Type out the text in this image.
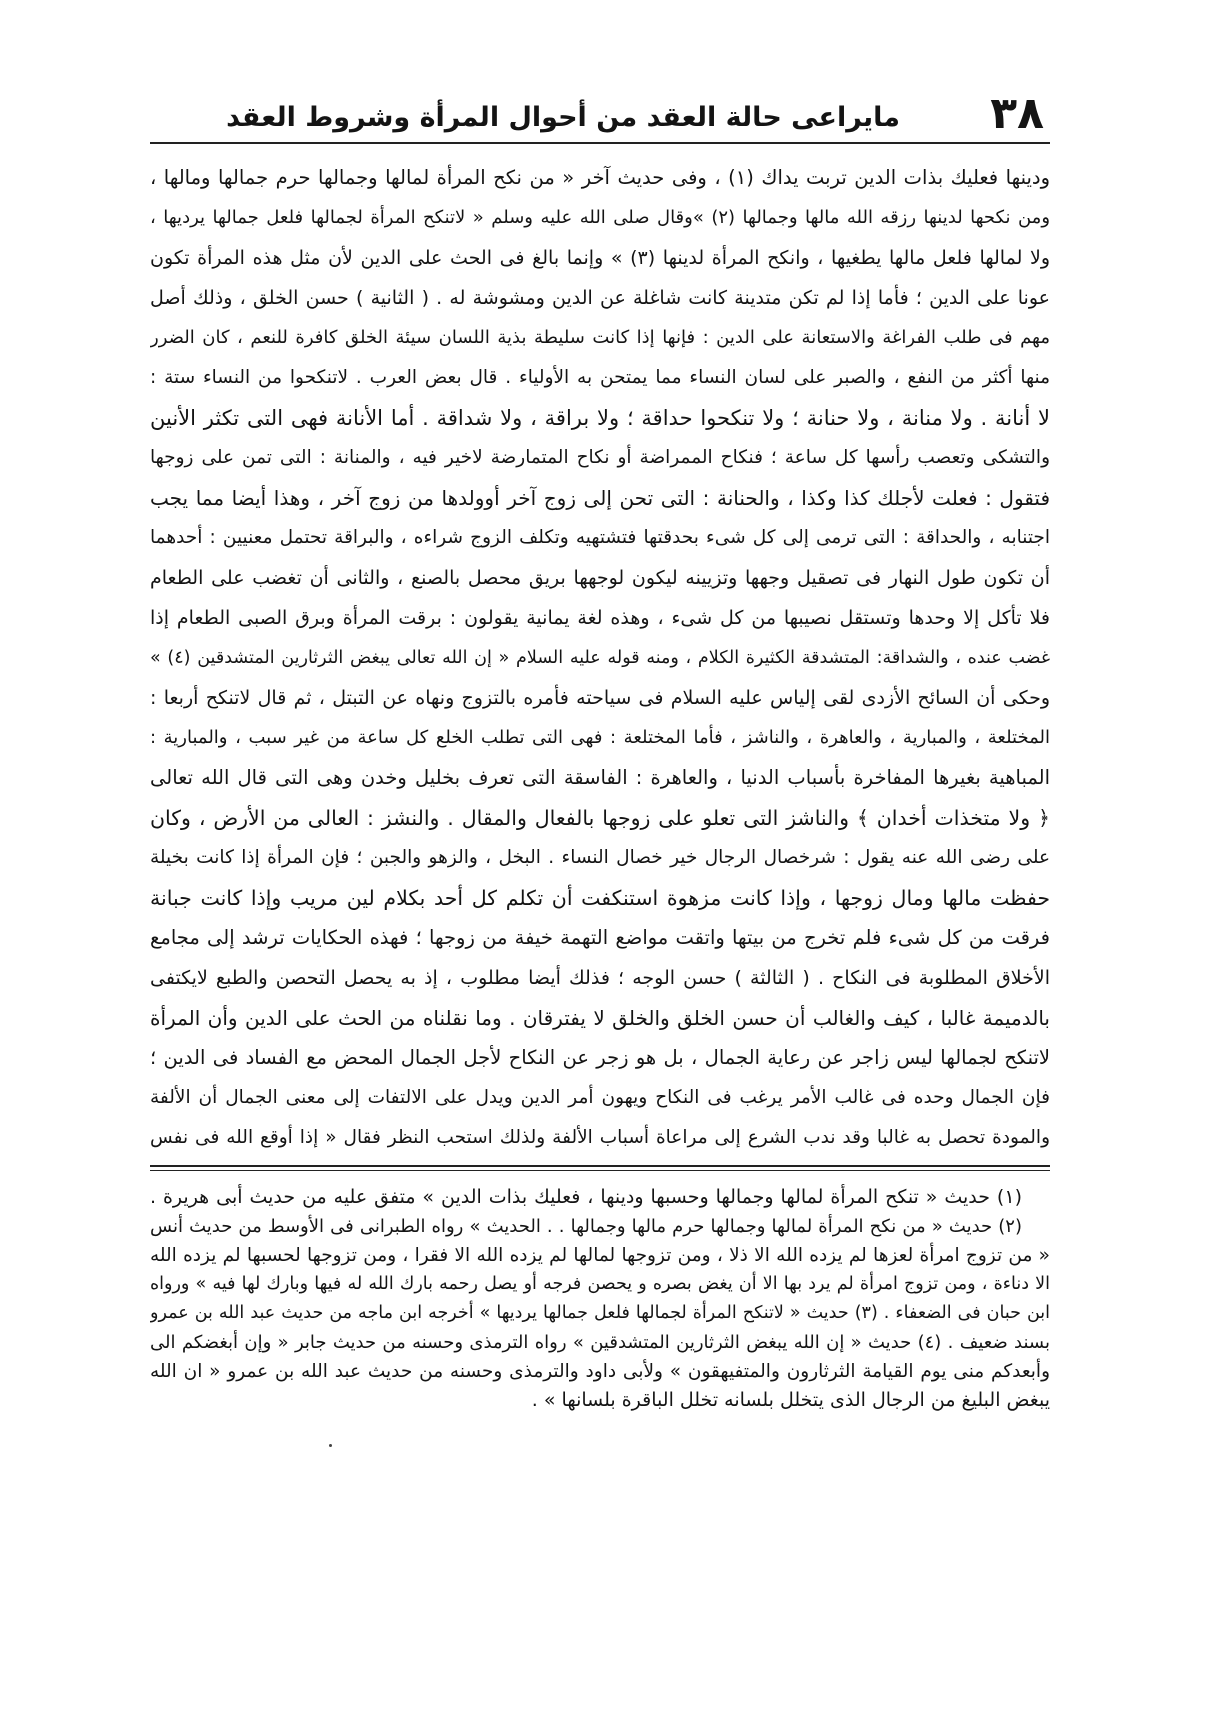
٣٨
مايراعى حالة العقد من أحوال المرأة وشروط العقد
ودينها فعليك بذات الدين تربت يداك (١) ، وفى حديث آخر « من نكح المرأة لمالها وجمالها حرم جمالها ومالها ،
ومن نكحها لدينها رزقه الله مالها وجمالها (٢) »وقال صلى الله عليه وسلم « لاتنكح المرأة لجمالها فلعل جمالها يرديها ،
ولا لمالها فلعل مالها يطغيها ، وانكح المرأة لدينها (٣) » وإنما بالغ فى الحث على الدين لأن مثل هذه المرأة تكون
عونا على الدين ؛ فأما إذا لم تكن متدينة كانت شاغلة عن الدين ومشوشة له . ( الثانية ) حسن الخلق ، وذلك أصل
مهم فى طلب الفراغة والاستعانة على الدين : فإنها إذا كانت سليطة بذية اللسان سيئة الخلق كافرة للنعم ، كان الضرر
منها أكثر من النفع ، والصبر على لسان النساء مما يمتحن به الأولياء . قال بعض العرب . لاتنكحوا من النساء ستة :
لا أنانة . ولا منانة ، ولا حنانة ؛ ولا تنكحوا حداقة ؛ ولا براقة ، ولا شداقة . أما الأنانة فهى التى تكثر الأنين
والتشكى وتعصب رأسها كل ساعة ؛ فنكاح الممراضة أو نكاح المتمارضة لاخير فيه ، والمنانة : التى تمن على زوجها
فتقول : فعلت لأجلك كذا وكذا ، والحنانة : التى تحن إلى زوج آخر أوولدها من زوج آخر ، وهذا أيضا مما يجب
اجتنابه ، والحداقة : التى ترمى إلى كل شىء بحدقتها فتشتهيه وتكلف الزوج شراءه ، والبراقة تحتمل معنيين : أحدهما
أن تكون طول النهار فى تصقيل وجهها وتزيينه ليكون لوجهها بريق محصل بالصنع ، والثانى أن تغضب على الطعام
فلا تأكل إلا وحدها وتستقل نصيبها من كل شىء ، وهذه لغة يمانية يقولون : برقت المرأة وبرق الصبى الطعام إذا
غضب عنده ، والشداقة: المتشدقة الكثيرة الكلام ، ومنه قوله عليه السلام « إن الله تعالى يبغض الثرثارين المتشدقين (٤) »
وحكى أن السائح الأزدى لقى إلياس عليه السلام فى سياحته فأمره بالتزوج ونهاه عن التبتل ، ثم قال لاتنكح أربعا :
المختلعة ، والمبارية ، والعاهرة ، والناشز ، فأما المختلعة : فهى التى تطلب الخلع كل ساعة من غير سبب ، والمبارية :
المباهية بغيرها المفاخرة بأسباب الدنيا ، والعاهرة : الفاسقة التى تعرف بخليل وخدن وهى التى قال الله تعالى
﴿ ولا متخذات أخدان ﴾ والناشز التى تعلو على زوجها بالفعال والمقال . والنشز : العالى من الأرض ، وكان
على رضى الله عنه يقول : شرخصال الرجال خير خصال النساء . البخل ، والزهو والجبن ؛ فإن المرأة إذا كانت بخيلة
حفظت مالها ومال زوجها ، وإذا كانت مزهوة استنكفت أن تكلم كل أحد بكلام لين مريب وإذا كانت جبانة
فرقت من كل شىء فلم تخرج من بيتها واتقت مواضع التهمة خيفة من زوجها ؛ فهذه الحكايات ترشد إلى مجامع
الأخلاق المطلوبة فى النكاح . ( الثالثة ) حسن الوجه ؛ فذلك أيضا مطلوب ، إذ به يحصل التحصن والطبع لايكتفى
بالدميمة غالبا ، كيف والغالب أن حسن الخلق والخلق لا يفترقان . وما نقلناه من الحث على الدين وأن المرأة
لاتنكح لجمالها ليس زاجر عن رعاية الجمال ، بل هو زجر عن النكاح لأجل الجمال المحض مع الفساد فى الدين ؛
فإن الجمال وحده فى غالب الأمر يرغب فى النكاح ويهون أمر الدين ويدل على الالتفات إلى معنى الجمال أن الألفة
والمودة تحصل به غالبا وقد ندب الشرع إلى مراعاة أسباب الألفة ولذلك استحب النظر فقال « إذا أوقع الله فى نفس
(١) حديث « تنكح المرأة لمالها وجمالها وحسبها ودينها ، فعليك بذات الدين » متفق عليه من حديث أبى هريرة .
(٢) حديث « من نكح المرأة لمالها وجمالها حرم مالها وجمالها . . الحديث » رواه الطبرانى فى الأوسط من حديث أنس
« من تزوج امرأة لعزها لم يزده الله الا ذلا ، ومن تزوجها لمالها لم يزده الله الا فقرا ، ومن تزوجها لحسبها لم يزده الله
الا دناءة ، ومن تزوج امرأة لم يرد بها الا أن يغض بصره و يحصن فرجه أو يصل رحمه بارك الله له فيها وبارك لها فيه » ورواه
ابن حبان فى الضعفاء . (٣) حديث « لاتنكح المرأة لجمالها فلعل جمالها يرديها » أخرجه ابن ماجه من حديث عبد الله بن عمرو
بسند ضعيف . (٤) حديث « إن الله يبغض الثرثارين المتشدقين » رواه الترمذى وحسنه من حديث جابر « وإن أبغضكم الى
وأبعدكم منى يوم القيامة الثرثارون والمتفيهقون » ولأبى داود والترمذى وحسنه من حديث عبد الله بن عمرو « ان الله
يبغض البليغ من الرجال الذى يتخلل بلسانه تخلل الباقرة بلسانها » .
